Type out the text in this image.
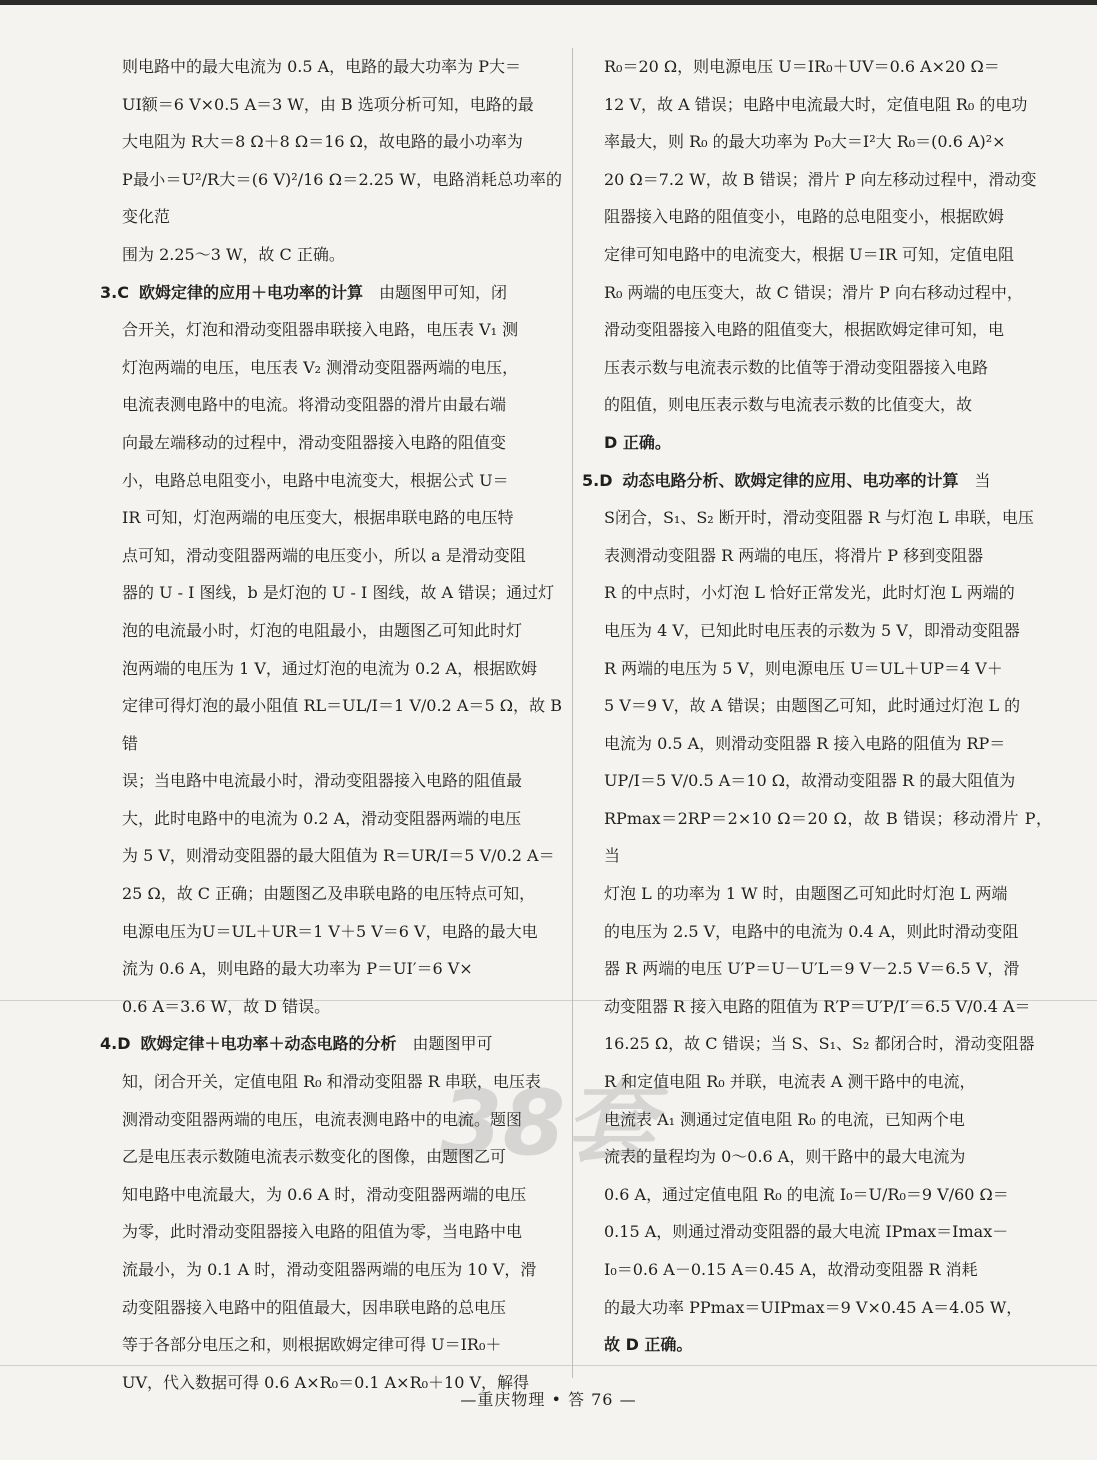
则电路中的最大电流为 0.5 A，电路的最大功率为 P大＝
UI额＝6 V×0.5 A＝3 W，由 B 选项分析可知，电路的最
大电阻为 R大＝8 Ω＋8 Ω＝16 Ω，故电路的最小功率为
P最小＝U²/R大＝(6 V)²/16 Ω＝2.25 W，电路消耗总功率的变化范
围为 2.25～3 W，故 C 正确。
3.C 欧姆定律的应用＋电功率的计算　 由题图甲可知，闭
合开关，灯泡和滑动变阻器串联接入电路，电压表 V₁ 测
灯泡两端的电压，电压表 V₂ 测滑动变阻器两端的电压，
电流表测电路中的电流。将滑动变阻器的滑片由最右端
向最左端移动的过程中，滑动变阻器接入电路的阻值变
小，电路总电阻变小，电路中电流变大，根据公式 U＝
IR 可知，灯泡两端的电压变大，根据串联电路的电压特
点可知，滑动变阻器两端的电压变小，所以 a 是滑动变阻
器的 U - I 图线，b 是灯泡的 U - I 图线，故 A 错误；通过灯
泡的电流最小时，灯泡的电阻最小，由题图乙可知此时灯
泡两端的电压为 1 V，通过灯泡的电流为 0.2 A，根据欧姆
定律可得灯泡的最小阻值 RL＝UL/I＝1 V/0.2 A＝5 Ω，故 B 错
误；当电路中电流最小时，滑动变阻器接入电路的阻值最
大，此时电路中的电流为 0.2 A，滑动变阻器两端的电压
为 5 V，则滑动变阻器的最大阻值为 R＝UR/I＝5 V/0.2 A＝
25 Ω，故 C 正确；由题图乙及串联电路的电压特点可知，
电源电压为U＝UL＋UR＝1 V＋5 V＝6 V，电路的最大电
流为 0.6 A，则电路的最大功率为 P＝UI′＝6 V×
0.6 A＝3.6 W，故 D 错误。
4.D 欧姆定律＋电功率＋动态电路的分析　 由题图甲可
知，闭合开关，定值电阻 R₀ 和滑动变阻器 R 串联，电压表
测滑动变阻器两端的电压，电流表测电路中的电流。题图
乙是电压表示数随电流表示数变化的图像，由题图乙可
知电路中电流最大，为 0.6 A 时，滑动变阻器两端的电压
为零，此时滑动变阻器接入电路的阻值为零，当电路中电
流最小，为 0.1 A 时，滑动变阻器两端的电压为 10 V，滑
动变阻器接入电路中的阻值最大，因串联电路的总电压
等于各部分电压之和，则根据欧姆定律可得 U＝IR₀＋
UV，代入数据可得 0.6 A×R₀＝0.1 A×R₀＋10 V，解得
R₀＝20 Ω，则电源电压 U＝IR₀＋UV＝0.6 A×20 Ω＝
12 V，故 A 错误；电路中电流最大时，定值电阻 R₀ 的电功
率最大，则 R₀ 的最大功率为 P₀大＝I²大 R₀＝(0.6 A)²×
20 Ω＝7.2 W，故 B 错误；滑片 P 向左移动过程中，滑动变
阻器接入电路的阻值变小，电路的总电阻变小，根据欧姆
定律可知电路中的电流变大，根据 U＝IR 可知，定值电阻
R₀ 两端的电压变大，故 C 错误；滑片 P 向右移动过程中，
滑动变阻器接入电路的阻值变大，根据欧姆定律可知，电
压表示数与电流表示数的比值等于滑动变阻器接入电路
的阻值，则电压表示数与电流表示数的比值变大，故
D 正确。
5.D 动态电路分析、欧姆定律的应用、电功率的计算　 当
S闭合，S₁、S₂ 断开时，滑动变阻器 R 与灯泡 L 串联，电压
表测滑动变阻器 R 两端的电压，将滑片 P 移到变阻器
R 的中点时，小灯泡 L 恰好正常发光，此时灯泡 L 两端的
电压为 4 V，已知此时电压表的示数为 5 V，即滑动变阻器
R 两端的电压为 5 V，则电源电压 U＝UL＋UP＝4 V＋
5 V＝9 V，故 A 错误；由题图乙可知，此时通过灯泡 L 的
电流为 0.5 A，则滑动变阻器 R 接入电路的阻值为 RP＝
UP/I＝5 V/0.5 A＝10 Ω，故滑动变阻器 R 的最大阻值为
RPmax＝2RP＝2×10 Ω＝20 Ω，故 B 错误；移动滑片 P，当
灯泡 L 的功率为 1 W 时，由题图乙可知此时灯泡 L 两端
的电压为 2.5 V，电路中的电流为 0.4 A，则此时滑动变阻
器 R 两端的电压 U′P＝U－U′L＝9 V－2.5 V＝6.5 V，滑
动变阻器 R 接入电路的阻值为 R′P＝U′P/I′＝6.5 V/0.4 A＝
16.25 Ω，故 C 错误；当 S、S₁、S₂ 都闭合时，滑动变阻器
R 和定值电阻 R₀ 并联，电流表 A 测干路中的电流，
电流表 A₁ 测通过定值电阻 R₀ 的电流，已知两个电
流表的量程均为 0～0.6 A，则干路中的最大电流为
0.6 A，通过定值电阻 R₀ 的电流 I₀＝U/R₀＝9 V/60 Ω＝
0.15 A，则通过滑动变阻器的最大电流 IPmax＝Imax－
I₀＝0.6 A－0.15 A＝0.45 A，故滑动变阻器 R 消耗
的最大功率 PPmax＝UIPmax＝9 V×0.45 A＝4.05 W，
故 D 正确。
38套
—重庆物理 • 答 76 —
